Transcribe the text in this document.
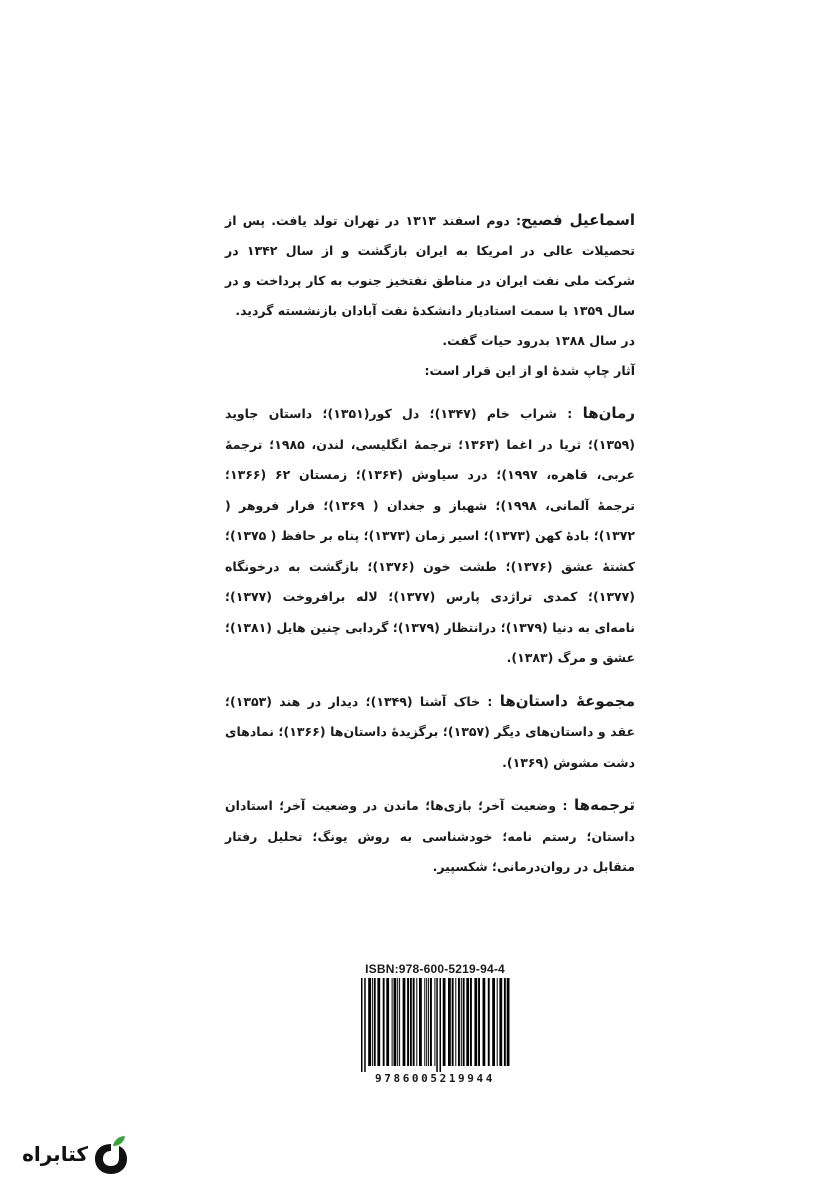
اسماعیل فصیح: دوم اسفند ۱۳۱۳ در تهران تولد یافت. پس از تحصیلات عالی در امریکا به ایران بازگشت و از سال ۱۳۴۲ در شرکت ملی نفت ایران در مناطق نفتخیز جنوب به کار پرداخت و در سال ۱۳۵۹ با سمت استادیار دانشکدهٔ نفت آبادان بازنشسته گردید.

در سال ۱۳۸۸ بدرود حیات گفت.

آثار چاپ شدهٔ او از این قرار است:

رمان‌ها : شراب خام (۱۳۴۷)؛ دل کور(۱۳۵۱)؛ داستان جاوید (۱۳۵۹)؛ ثریا در اغما (۱۳۶۳؛ ترجمهٔ انگلیسی، لندن، ۱۹۸۵؛ ترجمهٔ عربی، قاهره، ۱۹۹۷)؛ درد سیاوش (۱۳۶۴)؛ زمستان ۶۲ (۱۳۶۶؛ ترجمهٔ آلمانی، ۱۹۹۸)؛ شهباز و جغدان ( ۱۳۶۹)؛ فرار فروهر ( ۱۳۷۲)؛ بادهٔ کهن (۱۳۷۳)؛ اسیر زمان (۱۳۷۳)؛ پناه بر حافظ ( ۱۳۷۵)؛ کشتهٔ عشق (۱۳۷۶)؛ طشت خون (۱۳۷۶)؛ بازگشت به درخونگاه (۱۳۷۷)؛ کمدی تراژدی پارس (۱۳۷۷)؛ لاله برافروخت (۱۳۷۷)؛ نامه‌ای به دنیا (۱۳۷۹)؛ درانتظار (۱۳۷۹)؛ گردابی چنین هایل (۱۳۸۱)؛ عشق و مرگ (۱۳۸۳).

مجموعهٔ داستان‌ها : خاک آشنا (۱۳۴۹)؛ دیدار در هند (۱۳۵۳)؛ عقد و داستان‌های دیگر (۱۳۵۷)؛ برگزیدهٔ داستان‌ها (۱۳۶۶)؛ نمادهای دشت مشوش (۱۳۶۹).

ترجمه‌ها : وضعیت آخر؛ بازی‌ها؛ ماندن در وضعیت آخر؛ استادان داستان؛ رستم نامه؛ خودشناسی به روش یونگ؛ تحلیل رفتار متقابل در روان‌درمانی؛ شکسپیر.

ISBN:978-600-5219-94-4
9786005219944
کتابراه
